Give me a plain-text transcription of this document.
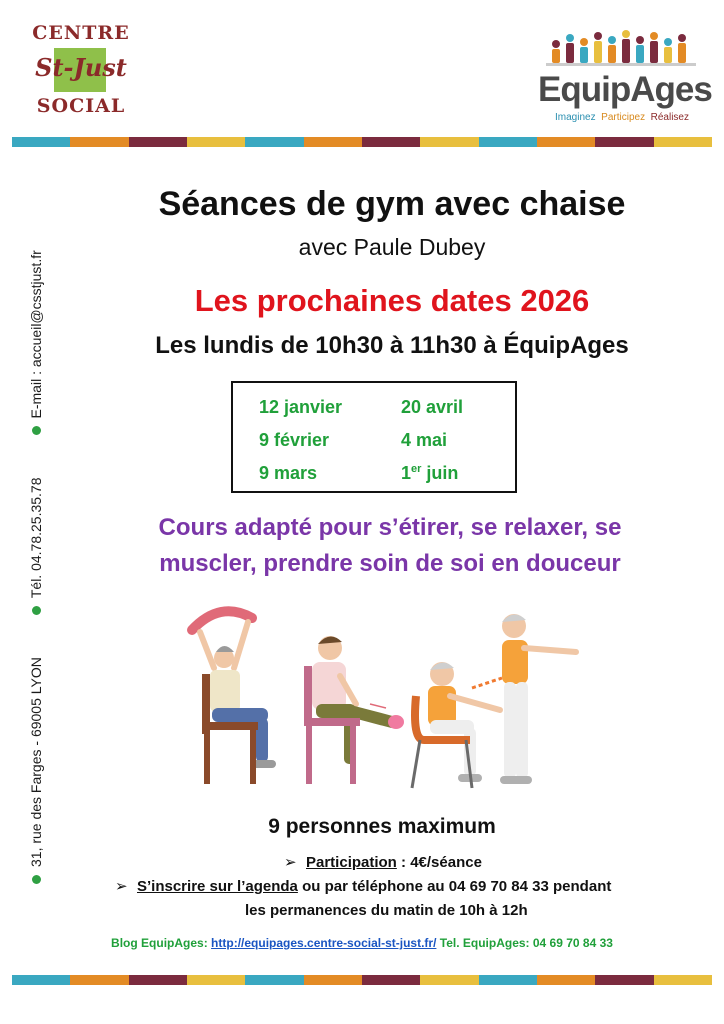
CENTRE
St-Just
SOCIAL	EquipAges
Imaginez Participez Réalisez
31, rue des Farges - 69005 LYON
Tél. 04.78.25.35.78
E-mail : accueil@csstjust.fr
Séances de gym avec chaise
avec Paule Dubey
Les prochaines dates 2026
Les lundis de 10h30 à 11h30 à ÉquipAges
12 janvier
9 février
9 mars
20 avril
4 mai
1er juin
Cours adapté pour s’étirer, se relaxer, se
muscler, prendre soin de soi en douceur
9 personnes maximum
➢ Participation : 4€/séance
➢ S’inscrire sur l’agenda ou par téléphone au 04 69 70 84 33 pendant
les permanences du matin de 10h à 12h
Blog EquipAges: http://equipages.centre-social-st-just.fr/ Tel. EquipAges: 04 69 70 84 33
